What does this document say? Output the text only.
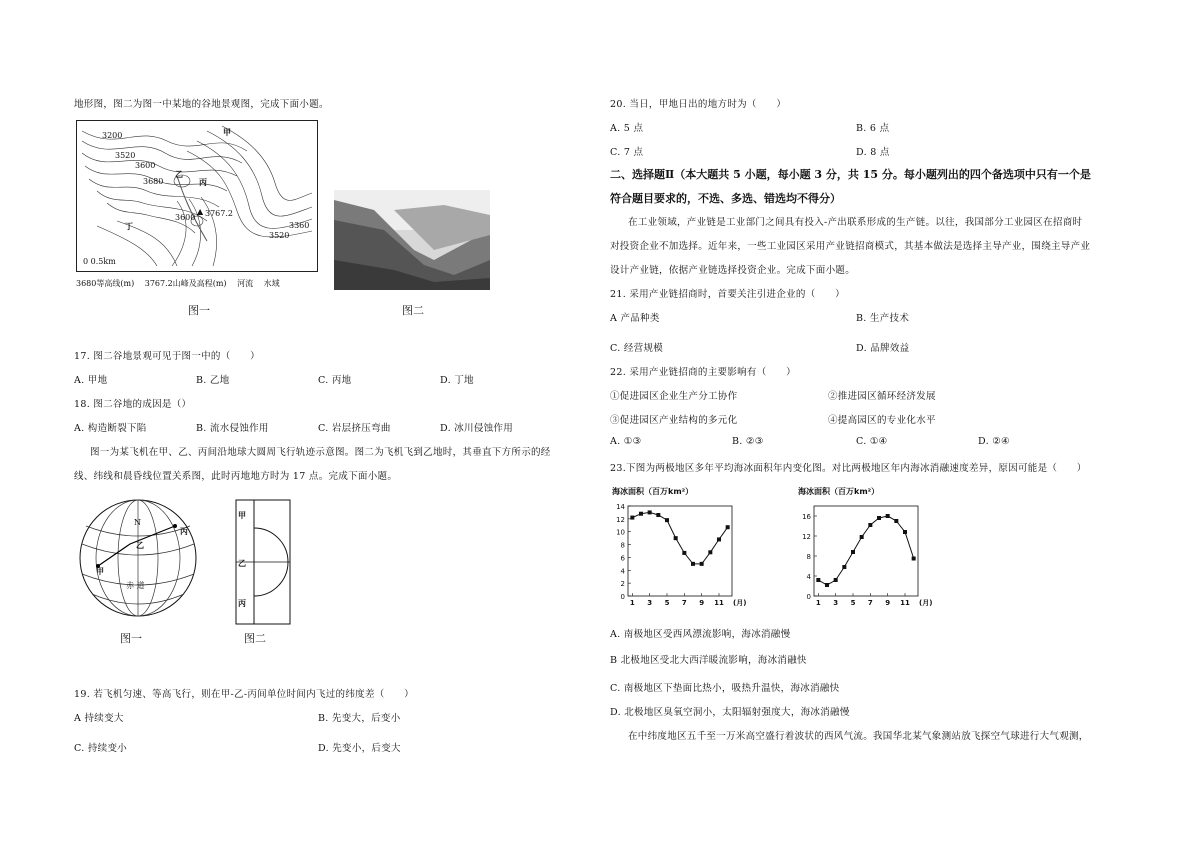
地形图，图二为图一中某地的谷地景观图，完成下面小题。
3200
3600
3680
3520
3600
3520
3360
甲
乙
丙
丁
▲ 3767.2
0 0.5km
3680等高线(m)　 3767.2山峰及高程(m)　 河流　 水域
图一	图二
17. 图二谷地景观可见于图一中的（　　）
A. 甲地	B. 乙地	C. 丙地	D. 丁地
18. 图二谷地的成因是（）
A. 构造断裂下陷	B. 流水侵蚀作用	C. 岩层挤压弯曲	D. 冰川侵蚀作用
图一为某飞机在甲、乙、丙间沿地球大圆周飞行轨迹示意图。图二为飞机飞到乙地时，其垂直下方所示的经
线、纬线和晨昏线位置关系图，此时丙地地方时为 17 点。完成下面小题。
N
丙
乙
甲
赤 道
图一
甲
乙
丙
图二
19. 若飞机匀速、等高飞行，则在甲-乙-丙间单位时间内飞过的纬度差（　　）
A 持续变大	B. 先变大，后变小
C. 持续变小	D. 先变小，后变大
20. 当日，甲地日出的地方时为（　　）
A. 5 点	B. 6 点
C. 7 点	D. 8 点
二、选择题Ⅱ（本大题共 5 小题，每小题 3 分，共 15 分。每小题列出的四个备选项中只有一个是
符合题目要求的，不选、多选、错选均不得分）
在工业领域，产业链是工业部门之间具有投入-产出联系形成的生产链。以往，我国部分工业园区在招商时
对投资企业不加选择。近年来，一些工业园区采用产业链招商模式，其基本做法是选择主导产业，围绕主导产业
设计产业链，依据产业链选择投资企业。完成下面小题。
21. 采用产业链招商时，首要关注引进企业的（　　）
A 产品种类	B. 生产技术
C. 经营规模	D. 品牌效益
22. 采用产业链招商的主要影响有（　　）
①促进园区企业生产分工协作	②推进园区循环经济发展
③促进园区产业结构的多元化	④提高园区的专业化水平
A. ①③	B. ②③	C. ①④	D. ②④
23.下图为两极地区多年平均海冰面积年内变化图。对比两极地区年内海冰消融速度差异，原因可能是（　　）
海冰面积（百万km²）
0
2
4
6
8
10
12
14
1 3 5 7 9 11 (月)
海冰面积（百万km²）
0
4
8
12
16
1 3 5 7 9 11 (月)
A. 南极地区受西风漂流影响，海冰消融慢
B 北极地区受北大西洋暖流影响，海冰消融快
C. 南极地区下垫面比热小，吸热升温快，海冰消融快
D. 北极地区臭氧空洞小，太阳辐射强度大，海冰消融慢
在中纬度地区五千至一万米高空盛行着波状的西风气流。我国华北某气象测站放飞探空气球进行大气观测，
